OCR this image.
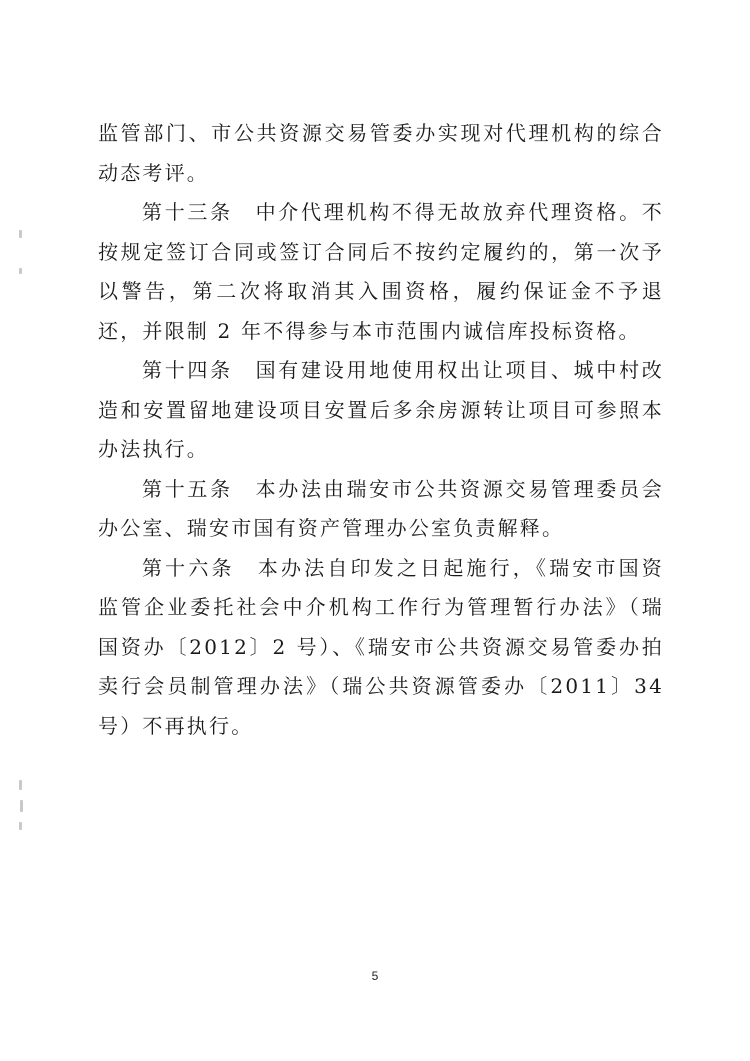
监管部门、市公共资源交易管委办实现对代理机构的综合动态考评。

第十三条　中介代理机构不得无故放弃代理资格。不按规定签订合同或签订合同后不按约定履约的，第一次予以警告，第二次将取消其入围资格，履约保证金不予退还，并限制 2 年不得参与本市范围内诚信库投标资格。

第十四条　国有建设用地使用权出让项目、城中村改造和安置留地建设项目安置后多余房源转让项目可参照本办法执行。

第十五条　本办法由瑞安市公共资源交易管理委员会办公室、瑞安市国有资产管理办公室负责解释。

第十六条　本办法自印发之日起施行，《瑞安市国资监管企业委托社会中介机构工作行为管理暂行办法》（瑞国资办〔2012〕2 号）、《瑞安市公共资源交易管委办拍卖行会员制管理办法》（瑞公共资源管委办〔2011〕34 号）不再执行。

5
